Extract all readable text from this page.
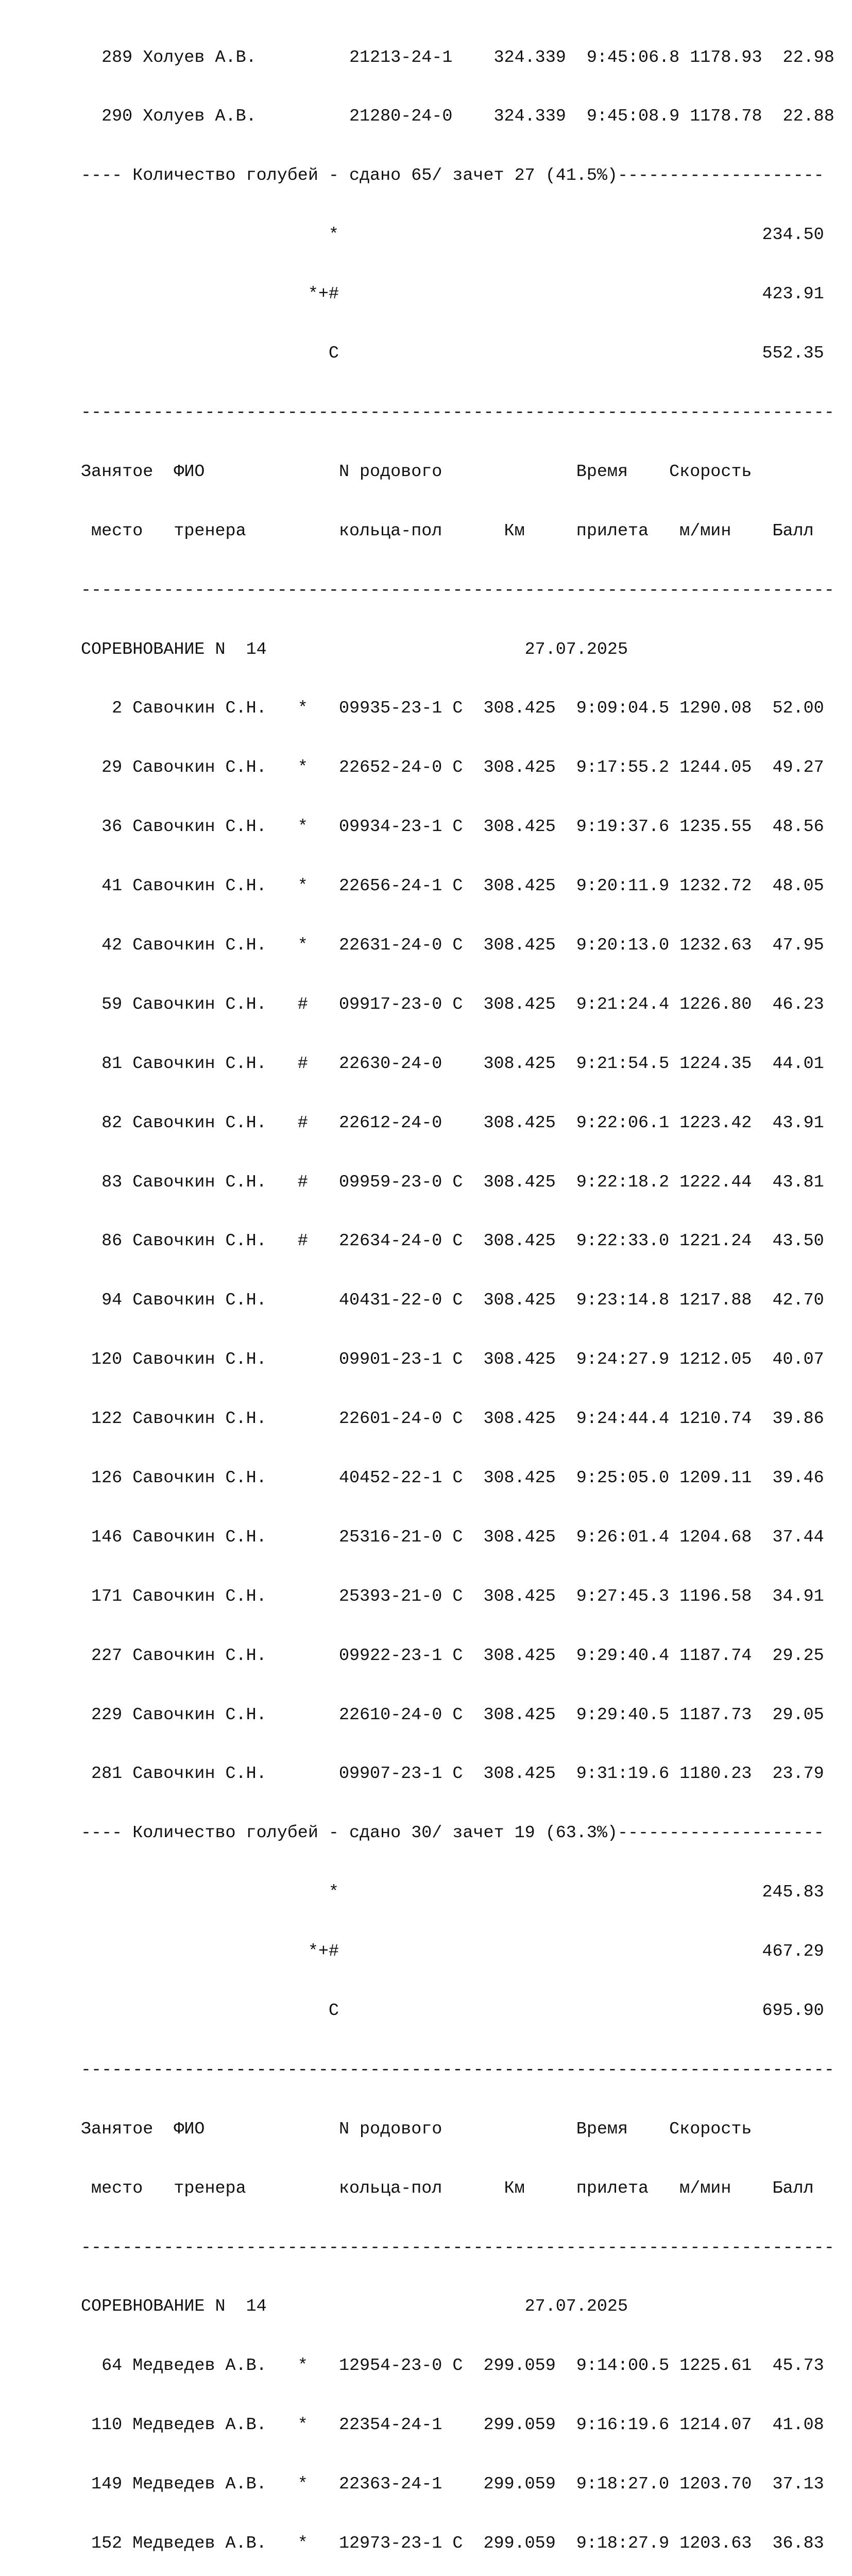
289 Холуев А.В.         21213-24-1    324.339  9:45:06.8 1178.93  22.98

290 Холуев А.В.         21280-24-0    324.339  9:45:08.9 1178.78  22.88

---- Количество голубей - сдано 65/ зачет 27 (41.5%)--------------------

*                                         234.50

*+#                                         423.91

С                                         552.35

-------------------------------------------------------------------------

Занятое  ФИО             N родового             Время    Скорость

место   тренера         кольца-пол      Км     прилета   м/мин    Балл

-------------------------------------------------------------------------

СОРЕВНОВАНИЕ N  14                         27.07.2025

2 Савочкин С.Н.   *   09935-23-1 С  308.425  9:09:04.5 1290.08  52.00

29 Савочкин С.Н.   *   22652-24-0 С  308.425  9:17:55.2 1244.05  49.27

36 Савочкин С.Н.   *   09934-23-1 С  308.425  9:19:37.6 1235.55  48.56

41 Савочкин С.Н.   *   22656-24-1 С  308.425  9:20:11.9 1232.72  48.05

42 Савочкин С.Н.   *   22631-24-0 С  308.425  9:20:13.0 1232.63  47.95

59 Савочкин С.Н.   #   09917-23-0 С  308.425  9:21:24.4 1226.80  46.23

81 Савочкин С.Н.   #   22630-24-0    308.425  9:21:54.5 1224.35  44.01

82 Савочкин С.Н.   #   22612-24-0    308.425  9:22:06.1 1223.42  43.91

83 Савочкин С.Н.   #   09959-23-0 С  308.425  9:22:18.2 1222.44  43.81

86 Савочкин С.Н.   #   22634-24-0 С  308.425  9:22:33.0 1221.24  43.50

94 Савочкин С.Н.       40431-22-0 С  308.425  9:23:14.8 1217.88  42.70

120 Савочкин С.Н.       09901-23-1 С  308.425  9:24:27.9 1212.05  40.07

122 Савочкин С.Н.       22601-24-0 С  308.425  9:24:44.4 1210.74  39.86

126 Савочкин С.Н.       40452-22-1 С  308.425  9:25:05.0 1209.11  39.46

146 Савочкин С.Н.       25316-21-0 С  308.425  9:26:01.4 1204.68  37.44

171 Савочкин С.Н.       25393-21-0 С  308.425  9:27:45.3 1196.58  34.91

227 Савочкин С.Н.       09922-23-1 С  308.425  9:29:40.4 1187.74  29.25

229 Савочкин С.Н.       22610-24-0 С  308.425  9:29:40.5 1187.73  29.05

281 Савочкин С.Н.       09907-23-1 С  308.425  9:31:19.6 1180.23  23.79

---- Количество голубей - сдано 30/ зачет 19 (63.3%)--------------------

*                                         245.83

*+#                                         467.29

С                                         695.90

-------------------------------------------------------------------------

Занятое  ФИО             N родового             Время    Скорость

место   тренера         кольца-пол      Км     прилета   м/мин    Балл

-------------------------------------------------------------------------

СОРЕВНОВАНИЕ N  14                         27.07.2025

64 Медведев А.В.   *   12954-23-0 С  299.059  9:14:00.5 1225.61  45.73

110 Медведев А.В.   *   22354-24-1    299.059  9:16:19.6 1214.07  41.08

149 Медведев А.В.   *   22363-24-1    299.059  9:18:27.0 1203.70  37.13

152 Медведев А.В.   *   12973-23-1 С  299.059  9:18:27.9 1203.63  36.83
